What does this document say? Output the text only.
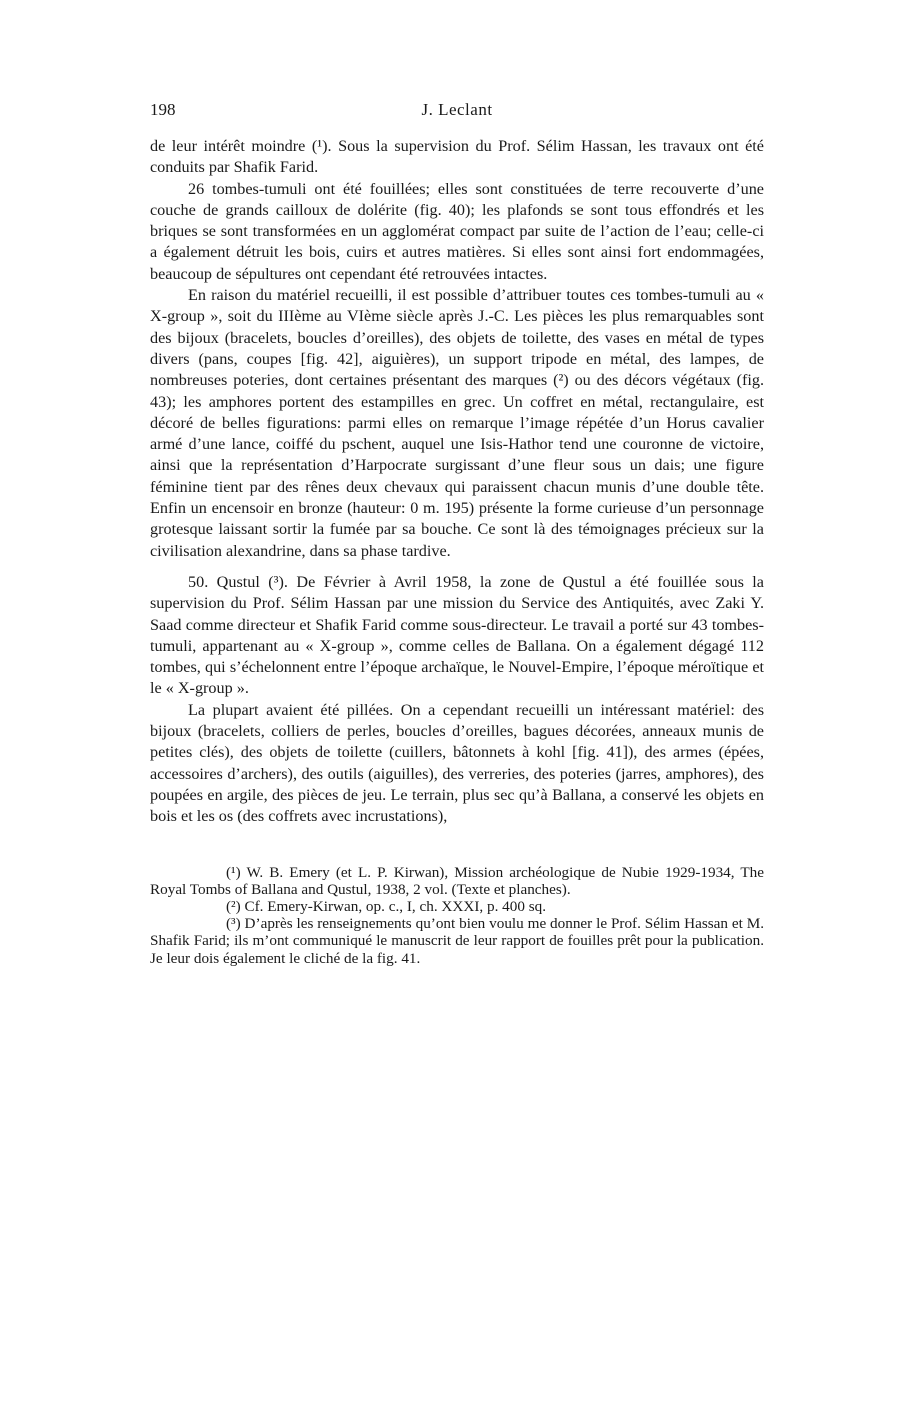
198	J. Leclant

de leur intérêt moindre (¹). Sous la supervision du Prof. Sélim Hassan, les travaux ont été conduits par Shafik Farid.

26 tombes-tumuli ont été fouillées; elles sont constituées de terre recouverte d’une couche de grands cailloux de dolérite (fig. 40); les plafonds se sont tous effondrés et les briques se sont transformées en un agglomérat compact par suite de l’action de l’eau; celle-ci a également détruit les bois, cuirs et autres matières. Si elles sont ainsi fort endommagées, beaucoup de sépultures ont cependant été retrouvées intactes.

En raison du matériel recueilli, il est possible d’attribuer toutes ces tombes-tumuli au « X-group », soit du IIIème au VIème siècle après J.-C. Les pièces les plus remarquables sont des bijoux (bracelets, boucles d’oreilles), des objets de toilette, des vases en métal de types divers (pans, coupes [fig. 42], aiguières), un support tripode en métal, des lampes, de nombreuses poteries, dont certaines présentant des marques (²) ou des décors végétaux (fig. 43); les amphores portent des estampilles en grec. Un coffret en métal, rectangulaire, est décoré de belles figurations: parmi elles on remarque l’image répétée d’un Horus cavalier armé d’une lance, coiffé du pschent, auquel une Isis-Hathor tend une couronne de victoire, ainsi que la représentation d’Harpocrate surgissant d’une fleur sous un dais; une figure féminine tient par des rênes deux chevaux qui paraissent chacun munis d’une double tête. Enfin un encensoir en bronze (hauteur: 0 m. 195) présente la forme curieuse d’un personnage grotesque laissant sortir la fumée par sa bouche. Ce sont là des témoignages précieux sur la civilisation alexandrine, dans sa phase tardive.

50. Qustul (³). De Février à Avril 1958, la zone de Qustul a été fouillée sous la supervision du Prof. Sélim Hassan par une mission du Service des Antiquités, avec Zaki Y. Saad comme directeur et Shafik Farid comme sous-directeur. Le travail a porté sur 43 tombes-tumuli, appartenant au « X-group », comme celles de Ballana. On a également dégagé 112 tombes, qui s’échelonnent entre l’époque archaïque, le Nouvel-Empire, l’époque méroïtique et le « X-group ».

La plupart avaient été pillées. On a cependant recueilli un intéressant matériel: des bijoux (bracelets, colliers de perles, boucles d’oreilles, bagues décorées, anneaux munis de petites clés), des objets de toilette (cuillers, bâtonnets à kohl [fig. 41]), des armes (épées, accessoires d’archers), des outils (aiguilles), des verreries, des poteries (jarres, amphores), des poupées en argile, des pièces de jeu. Le terrain, plus sec qu’à Ballana, a conservé les objets en bois et les os (des coffrets avec incrustations),

(¹) W. B. Emery (et L. P. Kirwan), Mission archéologique de Nubie 1929-1934, The Royal Tombs of Ballana and Qustul, 1938, 2 vol. (Texte et planches).

(²) Cf. Emery-Kirwan, op. c., I, ch. XXXI, p. 400 sq.

(³) D’après les renseignements qu’ont bien voulu me donner le Prof. Sélim Hassan et M. Shafik Farid; ils m’ont communiqué le manuscrit de leur rapport de fouilles prêt pour la publication. Je leur dois également le cliché de la fig. 41.
